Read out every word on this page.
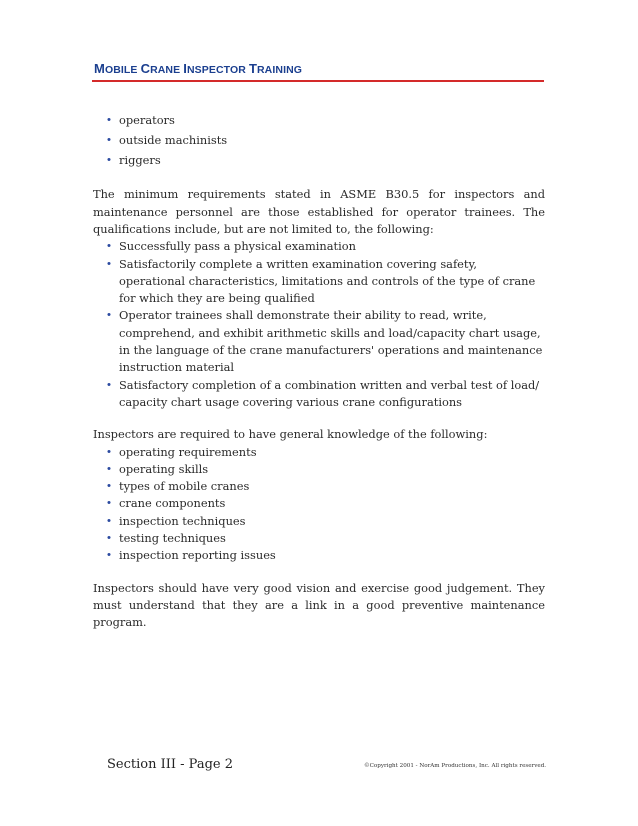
MOBILE CRANE INSPECTOR TRAINING
• operators
• outside machinists
• riggers

The minimum requirements stated in ASME B30.5 for inspectors and maintenance personnel are those established for operator trainees. The qualifications include, but are not limited to, the following:

• Successfully pass a physical examination
• Satisfactorily complete a written examination covering safety, operational characteristics, limitations and controls of the type of crane for which they are being qualified
• Operator trainees shall demonstrate their ability to read, write, comprehend, and exhibit arithmetic skills and load/capacity chart usage, in the language of the crane manufacturers' operations and maintenance instruction material
• Satisfactory completion of a combination written and verbal test of load/ capacity chart usage covering various crane configurations

Inspectors are required to have general knowledge of the following:

• operating requirements
• operating skills
• types of mobile cranes
• crane components
• inspection techniques
• testing techniques
• inspection reporting issues

Inspectors should have very good vision and exercise good judgement. They must understand that they are a link in a good preventive maintenance program.

Section III - Page 2	©Copyright 2001 - NorAm Productions, Inc. All rights reserved.
